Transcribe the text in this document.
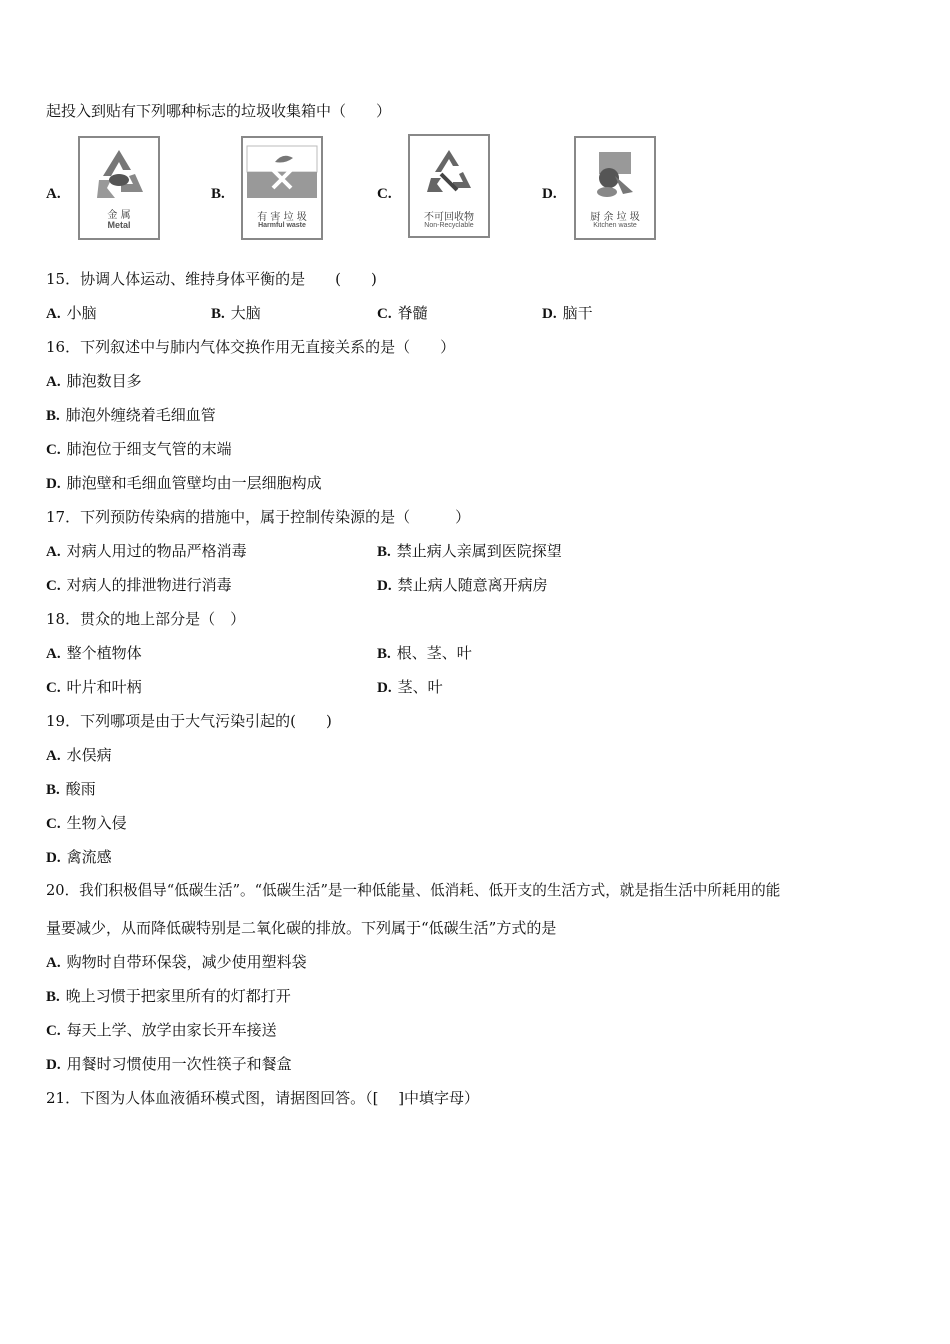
起投入到贴有下列哪种标志的垃圾收集箱中（　　）
A.
金 属
Metal
B.
有 害 垃 圾
Harmful waste
C.
不可回收物
Non-Recyclable
D.
厨 余 垃 圾
Kitchen waste
15．协调人体运动、维持身体平衡的是　　(　　)
A. 小脑	B. 大脑	C. 脊髓	D. 脑干
16．下列叙述中与肺内气体交换作用无直接关系的是（　　）
A. 肺泡数目多
B. 肺泡外缠绕着毛细血管
C. 肺泡位于细支气管的末端
D. 肺泡壁和毛细血管壁均由一层细胞构成
17．下列预防传染病的措施中，属于控制传染源的是（　　　）
A. 对病人用过的物品严格消毒	B. 禁止病人亲属到医院探望
C. 对病人的排泄物进行消毒	D. 禁止病人随意离开病房
18．贯众的地上部分是（　）
A. 整个植物体	B. 根、茎、叶
C. 叶片和叶柄	D. 茎、叶
19．下列哪项是由于大气污染引起的(　　)
A. 水俣病
B. 酸雨
C. 生物入侵
D. 禽流感
20．我们积极倡导“低碳生活”。“低碳生活”是一种低能量、低消耗、低开支的生活方式，就是指生活中所耗用的能
量要减少，从而降低碳特别是二氧化碳的排放。下列属于“低碳生活”方式的是
A. 购物时自带环保袋，减少使用塑料袋
B. 晚上习惯于把家里所有的灯都打开
C. 每天上学、放学由家长开车接送
D. 用餐时习惯使用一次性筷子和餐盒
21．下图为人体血液循环模式图，请据图回答。（[　 ]中填字母）
